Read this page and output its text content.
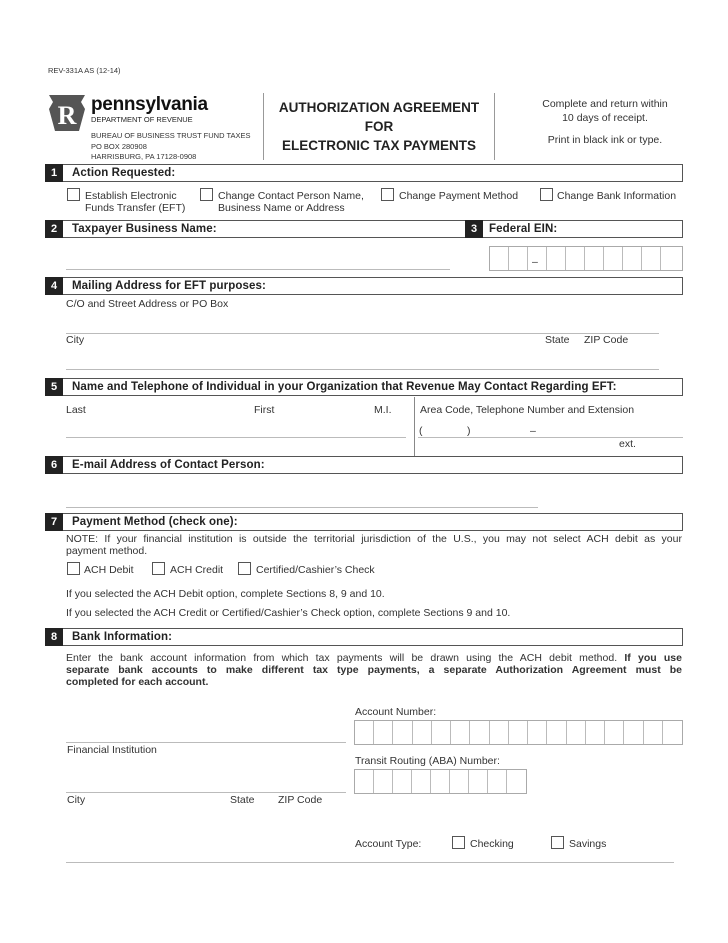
REV-331A AS (12-14)
R pennsylvania
DEPARTMENT OF REVENUE
BUREAU OF BUSINESS TRUST FUND TAXES
PO BOX 280908
HARRISBURG, PA 17128-0908
AUTHORIZATION AGREEMENT
FOR
ELECTRONIC TAX PAYMENTS
Complete and return within
10 days of receipt.
Print in black ink or type.
1	Action Requested:
Establish Electronic
Funds Transfer (EFT)
Change Contact Person Name,
Business Name or Address
Change Payment Method	Change Bank Information
2	Taxpayer Business Name:	3	Federal EIN:
–
4	Mailing Address for EFT purposes:
C/O and Street Address or PO Box
City	State ZIP Code
5	Name and Telephone of Individual in your Organization that Revenue May Contact Regarding EFT:
Last	First	M.I.	Area Code, Telephone Number and Extension
(	)	–
ext.
6	E-mail Address of Contact Person:
7	Payment Method (check one):
NOTE: If your financial institution is outside the territorial jurisdiction of the U.S., you may not select ACH debit as your
payment method.
ACH Debit	ACH Credit	Certified/Cashier’s Check
If you selected the ACH Debit option, complete Sections 8, 9 and 10.
If you selected the ACH Credit or Certified/Cashier’s Check option, complete Sections 9 and 10.
8	Bank Information:
Enter the bank account information from which tax payments will be drawn using the ACH debit method. If you use
separate bank accounts to make different tax type payments, a separate Authorization Agreement must be
completed for each account.
Account Number:
Financial Institution
Transit Routing (ABA) Number:
City	State ZIP Code
Account Type:	Checking	Savings
